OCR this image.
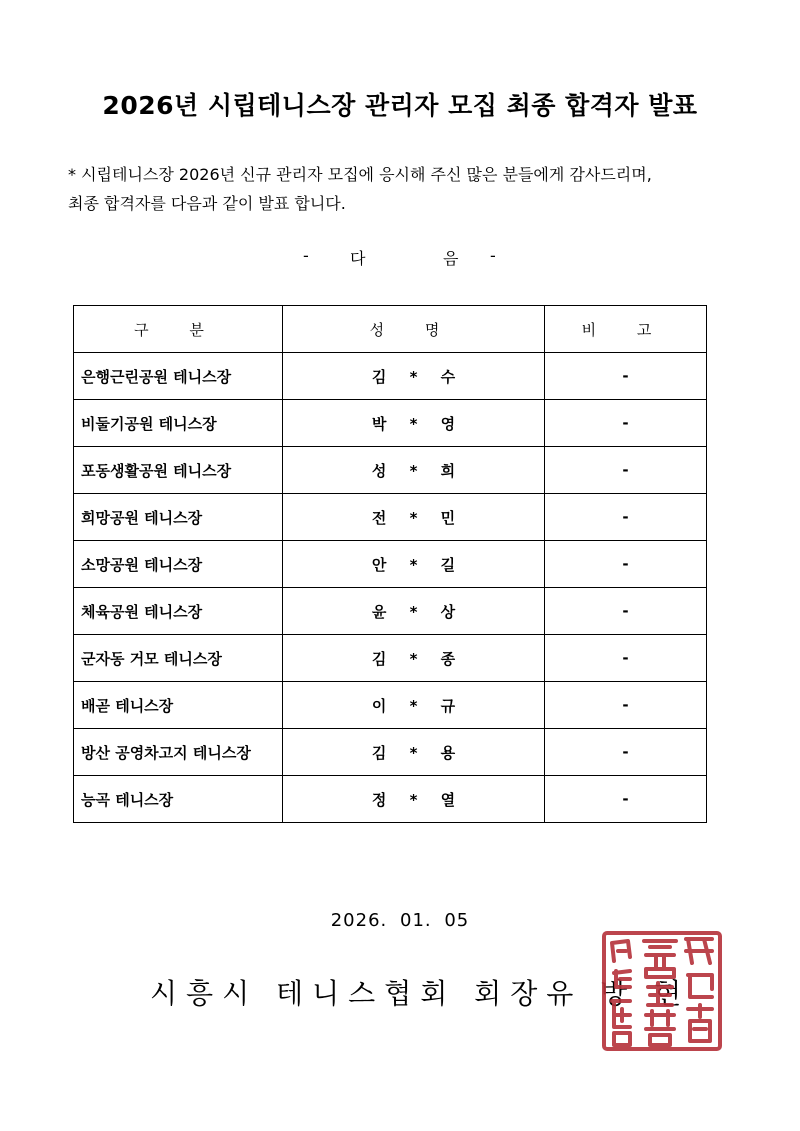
2026년 시립테니스장 관리자 모집 최종 합격자 발표
* 시립테니스장 2026년 신규 관리자 모집에 응시해 주신 많은 분들에게 감사드리며,
최종 합격자를 다음과 같이 발표 합니다.
-	다	음 -
구 분	성 명	비 고
은행근린공원 테니스장	김 * 수	-
비둘기공원 테니스장	박 * 영	-
포동생활공원 테니스장	성 * 희	-
희망공원 테니스장	전 * 민	-
소망공원 테니스장	안 * 길	-
체육공원 테니스장	윤 * 상	-
군자동 거모 테니스장	김 * 종	-
배곧 테니스장	이 * 규	-
방산 공영차고지 테니스장	김 * 용	-
능곡 테니스장	정 * 열	-
2026. 01. 05
시흥시 테니스협회 회장유 방 현
